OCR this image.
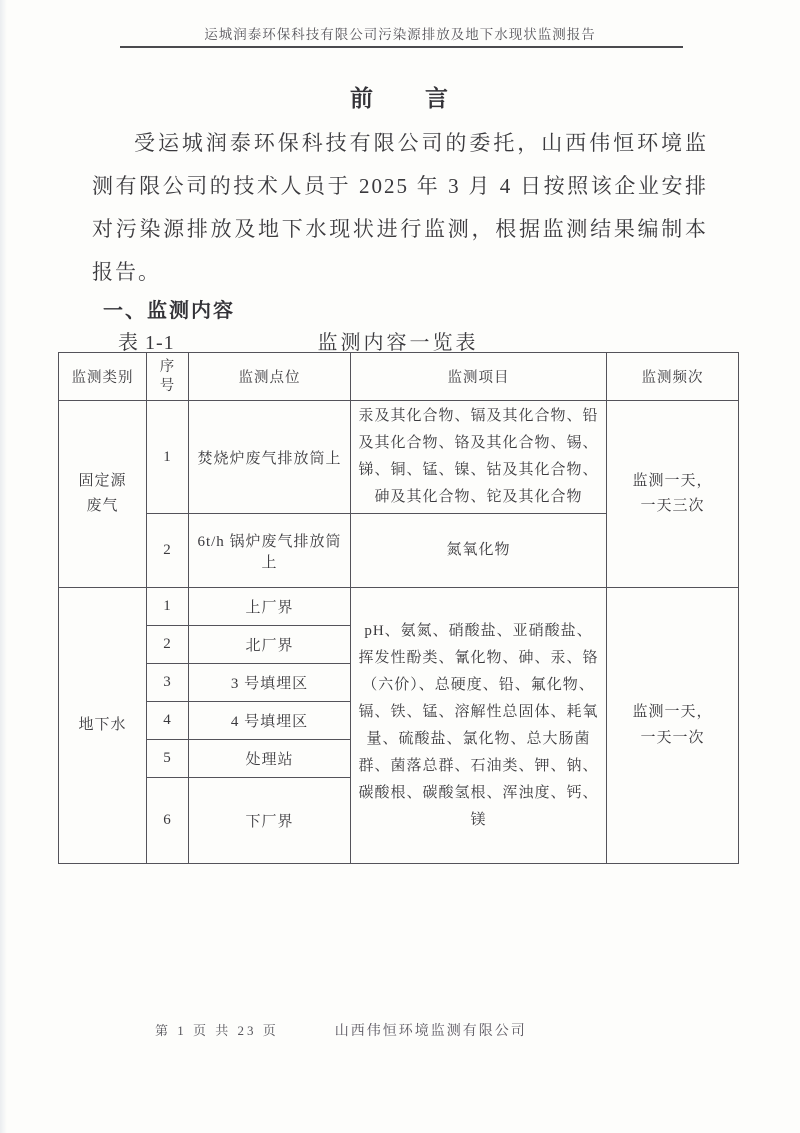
运城润泰环保科技有限公司污染源排放及地下水现状监测报告
前　　言
受运城润泰环保科技有限公司的委托，山西伟恒环境监测有限公司的技术人员于 2025 年 3 月 4 日按照该企业安排对污染源排放及地下水现状进行监测，根据监测结果编制本报告。
一、监测内容
监测内容一览表
表 1-1
监测类别	序号	监测点位	监测项目	监测频次

固定源
废气	1	焚烧炉废气排放筒上	汞及其化合物、镉及其化合物、铅及其化合物、铬及其化合物、锡、锑、铜、锰、镍、钴及其化合物、砷及其化合物、铊及其化合物	监测一天，
一天三次

	2	6t/h 锅炉废气排放筒上	氮氧化物	

地下水	1	上厂界	pH、氨氮、硝酸盐、亚硝酸盐、挥发性酚类、氰化物、砷、汞、铬（六价）、总硬度、铅、氟化物、镉、铁、锰、溶解性总固体、耗氧量、硫酸盐、氯化物、总大肠菌群、菌落总群、石油类、钾、钠、碳酸根、碳酸氢根、浑浊度、钙、镁	监测一天，
一天一次

	2	北厂界		
	3	3 号填埋区		
	4	4 号填埋区		
	5	处理站		
	6	下厂界		
第 1 页 共 23 页	山西伟恒环境监测有限公司
